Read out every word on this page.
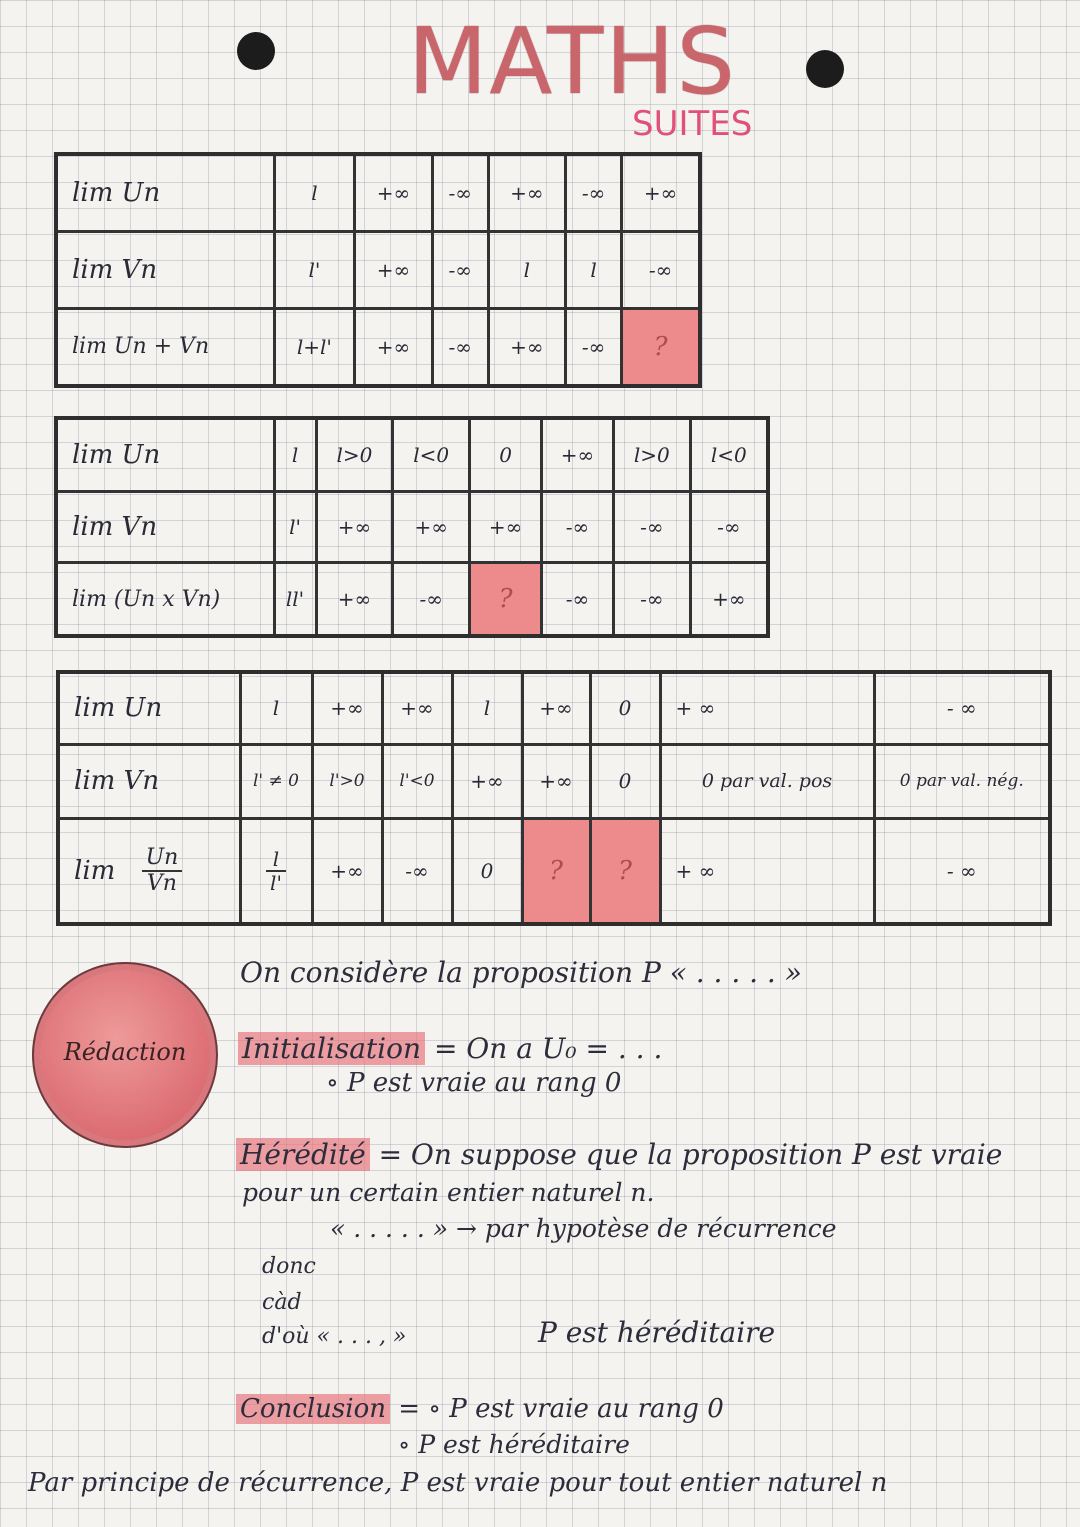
MATHS
SUITES
lim Un	l	+∞	-∞	+∞	-∞	+∞
lim Vn	l'	+∞	-∞	l	l	-∞
lim Un + Vn	l+l'	+∞	-∞	+∞	-∞	?
lim Un	l	l>0	l<0	0	+∞	l>0	l<0
lim Vn	l'	+∞	+∞	+∞	-∞	-∞	-∞
lim (Un x Vn)	ll'	+∞	-∞	?	-∞	-∞	+∞
lim Un	l	+∞	+∞	l	+∞	0	+ ∞	- ∞
lim Vn	l' ≠ 0	l'>0	l'<0	+∞	+∞	0	0 par val. pos	0 par val. nég.
$\lim \frac{Un}{Vn}$	$\frac{l}{l'}$	+∞	-∞	0	?	?	+ ∞	- ∞
Rédaction
On considère la proposition P « . . . . . »
Initialisation = On a U₀ = . . .
∘ P est vraie au rang 0
Hérédité = On suppose que la proposition P est vraie
pour un certain entier naturel n.
« . . . . . » → par hypotèse de récurrence
donc
càd
d'où « . . . , »	P est héréditaire
Conclusion = ∘ P est vraie au rang 0
∘ P est héréditaire
Par principe de récurrence, P est vraie pour tout entier naturel n
